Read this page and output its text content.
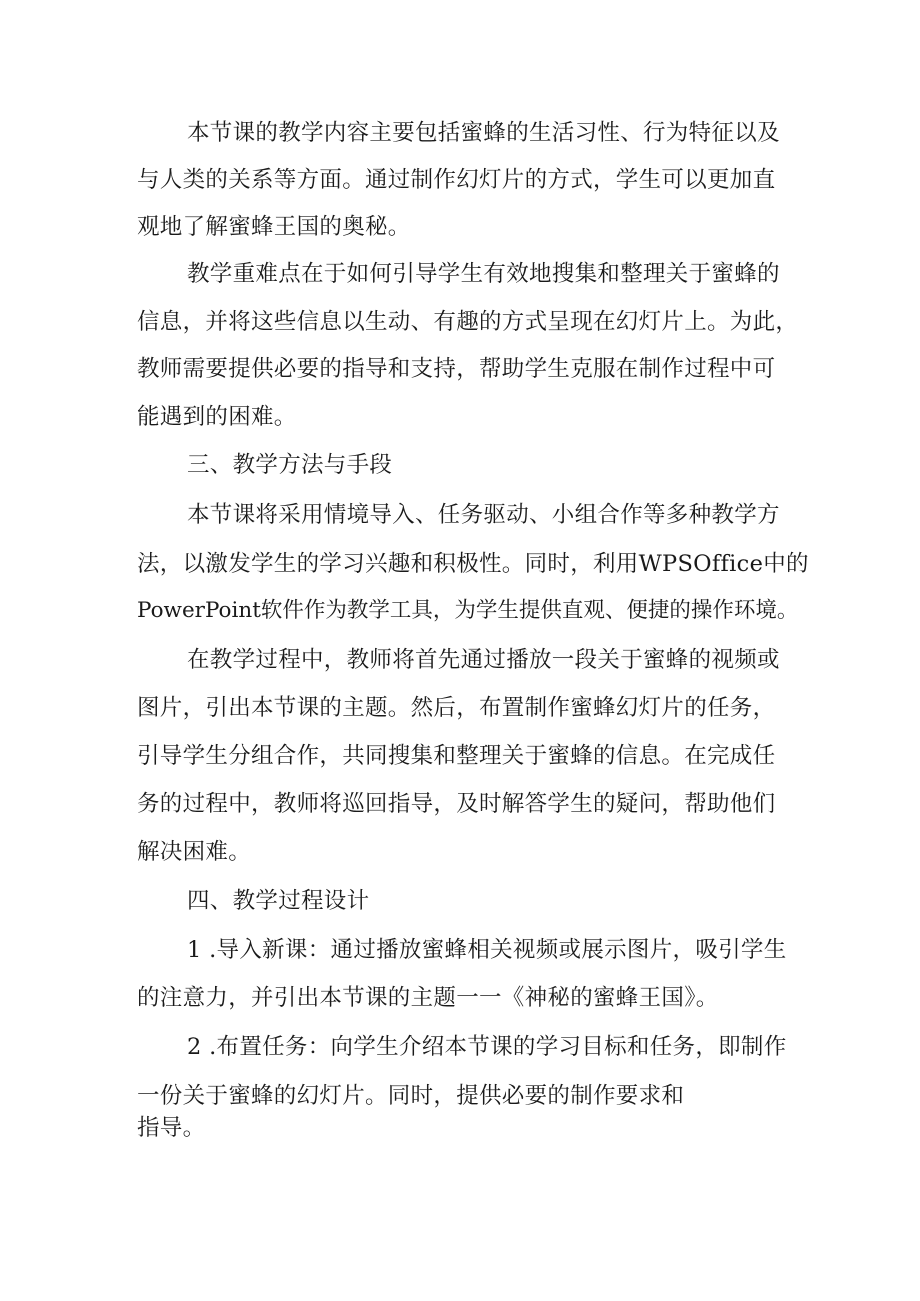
本节课的教学内容主要包括蜜蜂的生活习性、行为特征以及
与人类的关系等方面。通过制作幻灯片的方式，学生可以更加直
观地了解蜜蜂王国的奥秘。
教学重难点在于如何引导学生有效地搜集和整理关于蜜蜂的
信息，并将这些信息以生动、有趣的方式呈现在幻灯片上。为此，
教师需要提供必要的指导和支持，帮助学生克服在制作过程中可
能遇到的困难。
三、教学方法与手段
本节课将采用情境导入、任务驱动、小组合作等多种教学方
法，以激发学生的学习兴趣和积极性。同时，利用WPSOffice中的
PowerPoint软件作为教学工具，为学生提供直观、便捷的操作环境。
在教学过程中，教师将首先通过播放一段关于蜜蜂的视频或
图片，引出本节课的主题。然后，布置制作蜜蜂幻灯片的任务，
引导学生分组合作，共同搜集和整理关于蜜蜂的信息。在完成任
务的过程中，教师将巡回指导，及时解答学生的疑问，帮助他们
解决困难。
四、教学过程设计
1 .导入新课：通过播放蜜蜂相关视频或展示图片，吸引学生
的注意力，并引出本节课的主题一一《神秘的蜜蜂王国》。
2 .布置任务：向学生介绍本节课的学习目标和任务，即制作
一份关于蜜蜂的幻灯片。同时，提供必要的制作要求和
指导。
